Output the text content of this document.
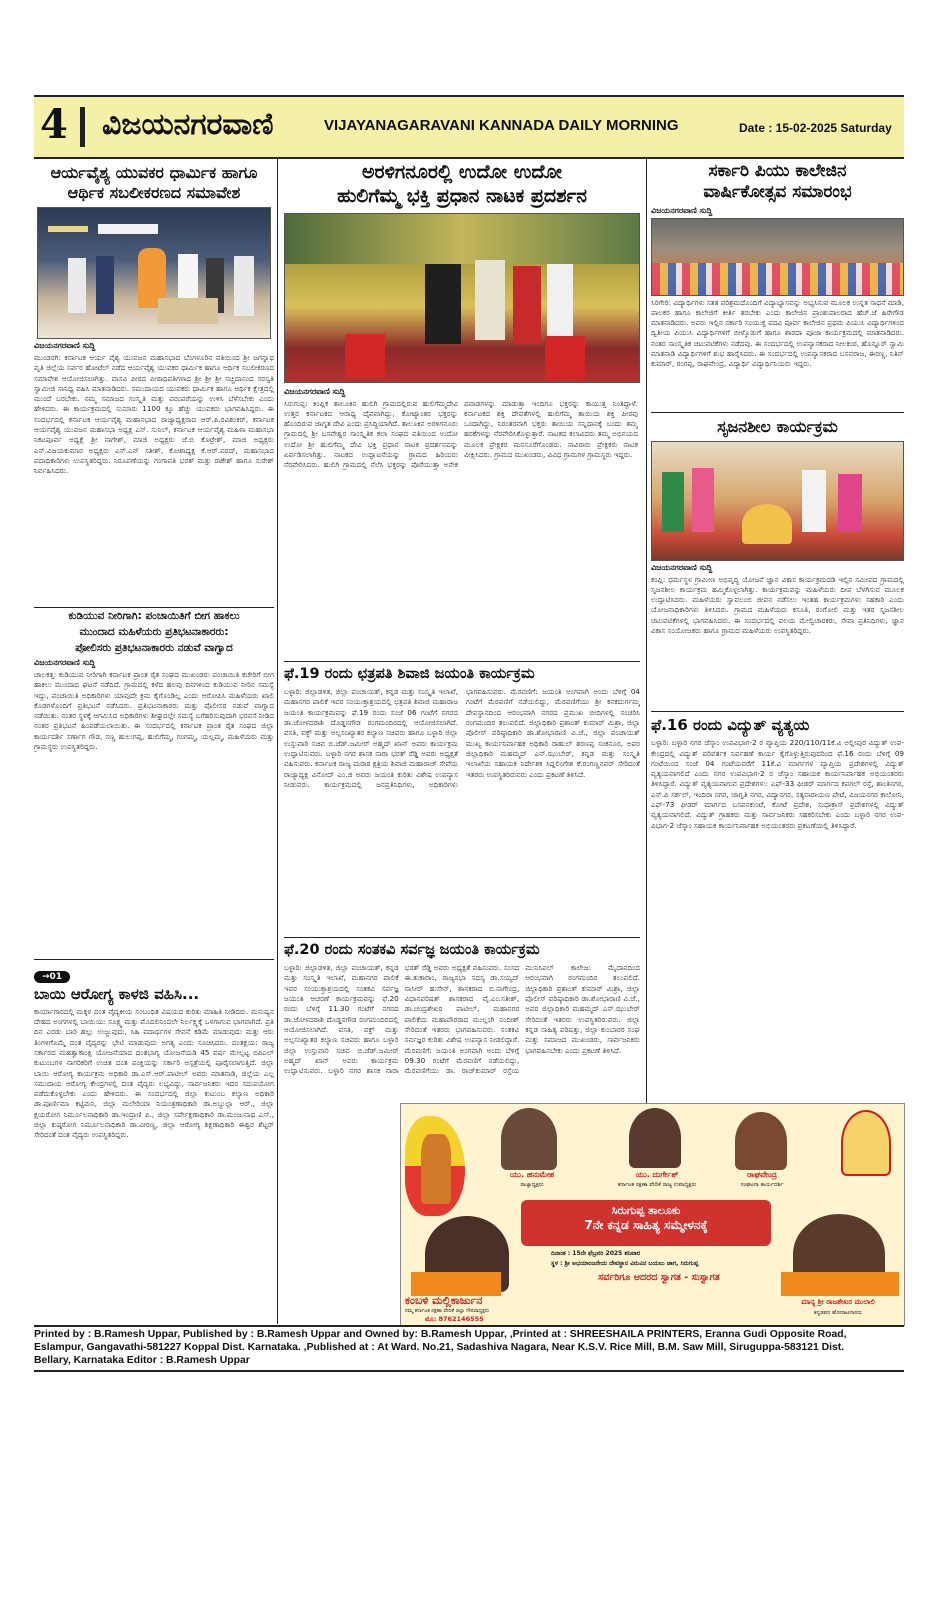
4 ವಿಜಯನಗರವಾಣಿ	VIJAYANAGARAVANI KANNADA DAILY MORNING	Date : 15-02-2025 Saturday
ಆರ್ಯವೈಶ್ಯ ಯುವಕರ ಧಾರ್ಮಿಕ ಹಾಗೂ
ಆರ್ಥಿಕ ಸಬಲೀಕರಣದ ಸಮಾವೇಶ
ವಿಜಯನಗರವಾಣಿ ಸುದ್ದಿ
ಮುಂಡರಗಿ: ಕರ್ನಾಟಕ ಆರ್ಯ ವೈಶ್ಯ ಯುವಜನ ಮಹಾಸಭಾದ ಬೆಂಗಳೂರಿನ ವತಿಯಿಂದ ಶ್ರೀ ಜಗನ್ನಾಥ ವೃತಿ ಜಿಲ್ಲೆಯ ಸರ್ವರ ಹೋಟೆಲ್ ನಡೆದ ಆರ್ಯವೈಶ್ಯ ಯುವಕರ ಧಾರ್ಮಿಕ ಹಾಗೂ ಆರ್ಥಿಕ ಸಬಲೀಕರಣದ ಸಮಾವೇಶ ಆಯೋಜಿಸಲಾಗಿತ್ತು. ವಾಸವಿ ಪೀಠದ ಪೀಠಾಧಿಪತಿಗಳಾದ ಶ್ರೀ ಶ್ರೀ ಶ್ರೀ ಸಚ್ಚಿದಾನಂದ ಸರಸ್ವತಿ ಸ್ವಾಮೀಜಿ ಸಾನಿಧ್ಯ ವಹಿಸಿ ಮಾತನಾಡಿದರು. ಸಮುದಾಯದ ಯುವಕರು ಧಾರ್ಮಿಕ ಹಾಗೂ ಆರ್ಥಿಕ ಕ್ಷೇತ್ರದಲ್ಲಿ ಮುಂದೆ ಬರಬೇಕು. ನಮ್ಮ ಸಮಾಜದ ಸಂಸ್ಕೃತಿ ಮತ್ತು ಪರಂಪರೆಯನ್ನು ಉಳಿಸಿ ಬೆಳೆಸಬೇಕು ಎಂದು ಹೇಳಿದರು. ಈ ಕಾರ್ಯಕ್ರಮದಲ್ಲಿ ಸುಮಾರು 1100 ಕ್ಕೂ ಹೆಚ್ಚು ಯುವಕರು ಭಾಗವಹಿಸಿದ್ದರು. ಈ ಸಂದರ್ಭದಲ್ಲಿ ಕರ್ನಾಟಕ ಆರ್ಯವೈಶ್ಯ ಮಹಾಸಭಾದ ರಾಜ್ಯಾಧ್ಯಕ್ಷರಾದ ಆರ್.ಪಿ.ರವಿಶಂಕರ್, ಕರ್ನಾಟಕ ಆರ್ಯವೈಶ್ಯ ಯುವಜನ ಮಹಾಸಭಾ ಅಧ್ಯಕ್ಷ ಎಸ್. ಸುನಿಲ್, ಕರ್ನಾಟಕ ಆರ್ಯವೈಶ್ಯ ಮಹಿಳಾ ಮಹಾಸಭಾ ನಿಕಟಪೂರ್ವ ಅಧ್ಯಕ್ಷೆ ಶ್ರೀ ನಾಗೇಶ್, ಮಾಜಿ ಅಧ್ಯಕ್ಷರು ಜೆ.ಬಿ ಕೊಟ್ರೇಶ್, ಮಾಜಿ ಅಧ್ಯಕ್ಷರು ಎಸ್.ವಿಜಯಕುಮಾರ ಅಧ್ಯಕ್ಷರು ಎಸ್.ಎನ್ ಸತೀಶ್, ಕೋಶಾಧ್ಯಕ್ಷ ಕೆ.ಆರ್.ವರದ್, ಮಹಾಸಭಾದ ಪದಾಧಿಕಾರಿಗಳು ಉಪಸ್ಥಿತರಿದ್ದರು. ನಿರೂಪಣೆಯನ್ನು ಗಂಗಾವತಿ ಭರತ್ ಮತ್ತು ರಾಕೇಶ್ ಹಾಗೂ ಸುರೇಶ್ ನಿರ್ವಹಿಸಿದರು.
ಕುಡಿಯುವ ನೀರಿಗಾಗಿ: ಪಂಚಾಯಿತಿಗೆ ಬೀಗ ಹಾಕಲು
ಮುಂದಾದ ಮಹಿಳೆಯರು ಪ್ರತಿಭಟನಾಕಾರರು:
ಪೋಲಿಸರು ಪ್ರತಿಭಟನಾಕಾರರು ನಡುವೆ ವಾಗ್ವಾದ
ವಿಜಯನಗರವಾಣಿ ಸುದ್ದಿ
ಚಾಲಕತ್ತ: ಕುಡಿಯುವ ನೀರಿಗಾಗಿ ಕರ್ನಾಟಕ ಪ್ರಾಂತ ರೈತ ಸಂಘದ ಮುಖಂಡರು ಪಂಚಾಯಿತಿ ಕಚೇರಿಗೆ ಬೀಗ ಹಾಕಲು ಮುಂದಾದ ಘಟನೆ ನಡೆದಿದೆ. ಗ್ರಾಮದಲ್ಲಿ ಕಳೆದ ಹಲವು ದಿನಗಳಿಂದ ಕುಡಿಯುವ ನೀರಿನ ಸಮಸ್ಯೆ ಇದ್ದು, ಪಂಚಾಯಿತಿ ಅಧಿಕಾರಿಗಳು ಯಾವುದೇ ಕ್ರಮ ಕೈಗೊಂಡಿಲ್ಲ ಎಂದು ಆರೋಪಿಸಿ ಮಹಿಳೆಯರು ಖಾಲಿ ಕೊಡಗಳೊಂದಿಗೆ ಪ್ರತಿಭಟನೆ ನಡೆಸಿದರು. ಪ್ರತಿಭಟನಾಕಾರರು ಮತ್ತು ಪೊಲೀಸರ ನಡುವೆ ವಾಗ್ವಾದ ನಡೆಯಿತು. ನಂತರ ಸ್ಥಳಕ್ಕೆ ಆಗಮಿಸಿದ ಅಧಿಕಾರಿಗಳು ಶೀಘ್ರದಲ್ಲೇ ಸಮಸ್ಯೆ ಬಗೆಹರಿಸುವುದಾಗಿ ಭರವಸೆ ನೀಡಿದ ನಂತರ ಪ್ರತಿಭಟನೆ ಹಿಂಪಡೆಯಲಾಯಿತು. ಈ ಸಂದರ್ಭದಲ್ಲಿ ಕರ್ನಾಟಕ ಪ್ರಾಂತ ರೈತ ಸಂಘದ ಜಿಲ್ಲಾ ಕಾರ್ಯದರ್ಶಿ ಸರ್ಣಾಗ ಗೌಡ, ಸಣ್ಣ ಹುಲುಗಪ್ಪ, ಹುಲಿಗೆಮ್ಮ, ಗಂಗಮ್ಮ, ಯಲ್ಲಮ್ಮ, ಮಹಿಳೆಯರು ಮತ್ತು ಗ್ರಾಮಸ್ಥರು ಉಪಸ್ಥಿತರಿದ್ದರು.
→01
ಬಾಯಿ ಆರೋಗ್ಯ ಕಾಳಜಿ ವಹಿಸಿ...
ಕಾರ್ಯಾಗಾರದಲ್ಲಿ ಮಕ್ಕಳ ದಂತ ವೈದ್ಯಕೀಯ ಸಂಬಂಧಿತ ವಿಷಯದ ಕುರಿತು ಮಾಹಿತಿ ನೀಡಿದರು. ಮನುಷ್ಯನ ದೇಹದ ಅಂಗಗಳಲ್ಲಿ ಬಾಯಿಯು ಸೂಕ್ಷ್ಮ ಮತ್ತು ಮೊದಲಿನಿಂದಲೇ ನಿರ್ಲಕ್ಷ್ಯಕ್ಕೆ ಒಳಗಾಗುವ ಭಾಗವಾಗಿದೆ. ಪ್ರತಿ ದಿನ ಎರಡು ಬಾರಿ ಹಲ್ಲು ಉಜ್ಜುವುದು, ಸಿಹಿ ಪದಾರ್ಥಗಳ ಸೇವನೆ ಕಡಿಮೆ ಮಾಡುವುದು ಮತ್ತು ಆರು ತಿಂಗಳಿಗೊಮ್ಮೆ ದಂತ ವೈದ್ಯರನ್ನು ಭೇಟಿ ಮಾಡುವುದು ಅಗತ್ಯ ಎಂದು ಸೂಚಿಸಿದರು. ದಂತಕ್ಷಯ: ರಾಜ್ಯ ಸರ್ಕಾರದ ಮಹತ್ವಾಕಾಂಕ್ಷಿ ಯೋಜನೆಯಾದ ದಂತಭಾಗ್ಯ ಯೋಜನೆಯಡಿ 45 ವರ್ಷ ಮೇಲ್ಪಟ್ಟ ಬಿಪಿಎಲ್ ಕುಟುಂಬಗಳ ನಾಗರಿಕರಿಗೆ ಉಚಿತ ದಂತ ಪಂಕ್ತಿಯನ್ನು ಸರ್ಕಾರಿ ಆಸ್ಪತ್ರೆಯಲ್ಲಿ ಪೂರೈಸಲಾಗುತ್ತಿದೆ. ಜಿಲ್ಲಾ ಬಾಯಿ ಆರೋಗ್ಯ ಕಾರ್ಯಕ್ರಮ ಅಧಿಕಾರಿ ಡಾ.ಎಸ್.ಆರ್.ಪಾಟೀಲ್ ಅವರು ಮಾತನಾಡಿ, ಜಿಲ್ಲೆಯ ಎಲ್ಲ ಸಮುದಾಯ ಆರೋಗ್ಯ ಕೇಂದ್ರಗಳಲ್ಲಿ ದಂತ ವೈದ್ಯರು ಲಭ್ಯವಿದ್ದು, ಸಾರ್ವಜನಿಕರು ಇದರ ಸದುಪಯೋಗ ಪಡೆದುಕೊಳ್ಳಬೇಕು ಎಂದು ಹೇಳಿದರು. ಈ ಸಂದರ್ಭದಲ್ಲಿ ಜಿಲ್ಲಾ ಕುಟುಂಬ ಕಲ್ಯಾಣ ಅಧಿಕಾರಿ ಡಾ.ಪೂರ್ಣಿಮಾ ಕಟ್ಟಿಮನಿ, ಜಿಲ್ಲಾ ಮಲೇರಿಯಾ ನಿಯಂತ್ರಣಾಧಿಕಾರಿ ಡಾ.ಅಬ್ದುಲ್ಲಾ ಆರ್., ಜಿಲ್ಲಾ ಕ್ಷಯರೋಗ ನಿರ್ಮೂಲನಾಧಿಕಾರಿ ಡಾ.ಇಂದ್ರಾಣಿ ಪಿ., ಜಿಲ್ಲಾ ಸರ್ವೇಕ್ಷಣಾಧಿಕಾರಿ ಡಾ.ಮಂಜುನಾಥ ಎಸ್., ಜಿಲ್ಲಾ ಕುಷ್ಠರೋಗ ನಿರ್ಮೂಲನಾಧಿಕಾರಿ ಡಾ.ವೀರಣ್ಣ, ಜಿಲ್ಲಾ ಆರೋಗ್ಯ ಶಿಕ್ಷಣಾಧಿಕಾರಿ ಈಶ್ವರ ಶೆಟ್ಟರ್ ಸೇರಿದಂತೆ ದಂತ ವೈದ್ಯರು ಉಪಸ್ಥಿತರಿದ್ದರು.
ಅರಳಿಗನೂರಲ್ಲಿ ಉದೋ ಉದೋ
ಹುಲಿಗೆಮ್ಮ ಭಕ್ತಿ ಪ್ರಧಾನ ನಾಟಕ ಪ್ರದರ್ಶನ
ವಿಜಯನಗರವಾಣಿ ಸುದ್ದಿ
ಸಿರುಗುಪ್ಪ: ಕಿಂಪ್ಲಿಕ ತಾಲೂಕಿನ ಹುಲಿಗಿ ಗ್ರಾಮದಲ್ಲಿರುವ ಹುಲಿಗೆಮ್ಮದೇವಿ ಉತ್ತರ ಕರ್ನಾಟಕದ ಆರಾಧ್ಯ ದೈವವಾಗಿದ್ದು, ಕೋಟ್ಯಾಂತರ ಭಕ್ತರನ್ನು ಹೊಂದಿರುವ ಜಾಗೃತ ದೇವಿ ಎಂದು ಪ್ರಸಿದ್ಧಿಯಾಗಿದೆ. ತಾಲೂಕಿನ ಅರಳಿಗನೂರು ಗ್ರಾಮದಲ್ಲಿ ಶ್ರೀ ಬಸವೇಶ್ವರ ಸಾಂಸ್ಕೃತಿಕ ಕಲಾ ಸಂಘದ ವತಿಯಿಂದ ಉದೋ ಉದೋ ಶ್ರೀ ಹುಲಿಗೆಮ್ಮ ದೇವಿ ಭಕ್ತಿ ಪ್ರಧಾನ ನಾಟಕ ಪ್ರದರ್ಶನವನ್ನು ಏರ್ಪಡಿಸಲಾಗಿತ್ತು. ನಾಟಕದ ಉದ್ಘಾಟನೆಯನ್ನು ಗ್ರಾಮದ ಹಿರಿಯರು ನೆರವೇರಿಸಿದರು. ಹುಲಿಗಿ ಗ್ರಾಮದಲ್ಲಿ ನೆಲೆಸಿ ಭಕ್ತರನ್ನು ಪೊರೆಯುತ್ತಾ ಅನೇಕ ಪವಾಡಗಳನ್ನು ಮಾಡುತ್ತಾ ಇಂದಿಗೂ ಭಕ್ತರನ್ನು ಕಾಯುತ್ತ ನಿಂತಿದ್ದಾಳೆ. ಕರ್ನಾಟಕದ ಶಕ್ತಿ ದೇವತೆಗಳಲ್ಲಿ ಹುಲಿಗೆಮ್ಮ ತಾಯಿಯ ಶಕ್ತಿ ಪೀಠವು ಒಂದಾಗಿದ್ದು, ನಿರಂತರವಾಗಿ ಭಕ್ತರು ತಾಯಿಯ ಸನ್ನಿಧಾನಕ್ಕೆ ಬಂದು ತಮ್ಮ ಹರಕೆಗಳನ್ನು ನೆರವೇರಿಸಿಕೊಳ್ಳುತ್ತಾರೆ. ನಾಟಕದ ಕಲಾವಿದರು ತಮ್ಮ ಅಭಿನಯದ ಮೂಲಕ ಪ್ರೇಕ್ಷಕರ ಮನಸೂರೆಗೊಂಡರು. ಸಾವಿರಾರು ಪ್ರೇಕ್ಷಕರು ನಾಟಕ ವೀಕ್ಷಿಸಿದರು. ಗ್ರಾಮದ ಮುಖಂಡರು, ವಿವಿಧ ಗ್ರಾಮಗಳ ಗ್ರಾಮಸ್ಥರು ಇದ್ದರು.
ಫೆ.19 ರಂದು ಛತ್ರಪತಿ ಶಿವಾಜಿ ಜಯಂತಿ ಕಾರ್ಯಕ್ರಮ
ಬಳ್ಳಾರಿ: ಜಿಲ್ಲಾಡಳಿತ, ಜಿಲ್ಲಾ ಪಂಚಾಯತ್, ಕನ್ನಡ ಮತ್ತು ಸಂಸ್ಕೃತಿ ಇಲಾಖೆ, ಮಹಾನಗರ ಪಾಲಿಕೆ ಇವರ ಸಂಯುಕ್ತಾಶ್ರಯದಲ್ಲಿ ಛತ್ರಪತಿ ಶಿವಾಜಿ ಮಹಾರಾಜ ಜಯಂತಿ ಕಾರ್ಯಕ್ರಮವನ್ನು ಫೆ.19 ರಂದು ಸಂಜೆ 06 ಗಂಟೆಗೆ ನಗರದ ಡಾ.ಜೋಳದರಾಶಿ ದೊಡ್ಡನಗೌಡ ರಂಗಮಂದಿರದಲ್ಲಿ ಆಯೋಜಿಸಲಾಗಿದೆ. ವಸತಿ, ವಕ್ಫ್ ಮತ್ತು ಅಲ್ಪಸಂಖ್ಯಾತರ ಕಲ್ಯಾಣ ಸಚಿವರು ಹಾಗೂ ಬಳ್ಳಾರಿ ಜಿಲ್ಲಾ ಉಸ್ತುವಾರಿ ಸಚಿವ ಬಿ.ಜೆಡ್.ಜಮೀರ್ ಅಹ್ಮದ್ ಖಾನ್ ಅವರು ಕಾರ್ಯಕ್ರಮ ಉದ್ಘಾಟಿಸುವರು. ಬಳ್ಳಾರಿ ನಗರ ಶಾಸಕ ನಾರಾ ಭರತ್ ರೆಡ್ಡಿ ಅವರು ಅಧ್ಯಕ್ಷತೆ ವಹಿಸುವರು. ಕರ್ನಾಟಕ ರಾಜ್ಯ ಮರಾಠ ಕ್ಷತ್ರಿಯ ಶಿವಾಜಿ ಮಹಾರಾಜ್ ಸೇವೆಯ ರಾಜ್ಯಾಧ್ಯಕ್ಷ ವಿನೋದ್ ಎಂ.ಜಿ ಅವರು ಜಯಂತಿ ಕುರಿತು ವಿಶೇಷ ಉಪನ್ಯಾಸ ನೀಡುವರು. ಕಾರ್ಯಕ್ರಮದಲ್ಲಿ ಜನಪ್ರತಿನಿಧಿಗಳು, ಅಧಿಕಾರಿಗಳು ಭಾಗವಹಿಸುವರು. ಮೆರವಣಿಗೆ: ಜಯಂತಿ ಅಂಗವಾಗಿ ಅಂದು ಬೆಳಿಗ್ಗೆ 04 ಗಂಟೆಗೆ ಮೆರವಣಿಗೆ ನಡೆಯಲಿದ್ದು, ಮೆರವಣಿಗೆಯು ಶ್ರೀ ಕನಕದುರ್ಗಮ್ಮ ದೇವಸ್ಥಾನದಿಂದ ಆರಂಭವಾಗಿ ನಗರದ ಪ್ರಮುಖ ಬೀದಿಗಳಲ್ಲಿ ಸಂಚರಿಸಿ ರಂಗಮಂದಿರ ತಲುಪಲಿದೆ. ಜಿಲ್ಲಾಧಿಕಾರಿ ಪ್ರಶಾಂತ್ ಕುಮಾರ್ ಮಿಶ್ರಾ, ಜಿಲ್ಲಾ ಪೊಲೀಸ್ ವರಿಷ್ಠಾಧಿಕಾರಿ ಡಾ.ಶೋಭಾರಾಣಿ ವಿ.ಜೆ., ಜಿಲ್ಲಾ ಪಂಚಾಯತ್ ಮುಖ್ಯ ಕಾರ್ಯನಿರ್ವಾಹಕ ಅಧಿಕಾರಿ ರಾಹುಲ್ ಶರಣಪ್ಪ ಸಂಕನೂರ, ಅಪರ ಜಿಲ್ಲಾಧಿಕಾರಿ ಮಹಮ್ಮದ್ ಎನ್.ಝುಬೇರ್, ಕನ್ನಡ ಮತ್ತು ಸಂಸ್ಕೃತಿ ಇಲಾಖೆಯ ಸಹಾಯಕ ನಿರ್ದೇಶಕ ಸಿದ್ದಲಿಂಗೇಶ ಕೆ.ರಂಗಣ್ಣನವರ್ ಸೇರಿದಂತೆ ಇತರರು ಉಪಸ್ಥಿತರಿರುವರು ಎಂದು ಪ್ರಕಟಣೆ ತಿಳಿಸಿದೆ.
ಫೆ.20 ರಂದು ಸಂತಕವಿ ಸರ್ವಜ್ಞ ಜಯಂತಿ ಕಾರ್ಯಕ್ರಮ
ಬಳ್ಳಾರಿ: ಜಿಲ್ಲಾಡಳಿತ, ಜಿಲ್ಲಾ ಪಂಚಾಯತ್, ಕನ್ನಡ ಮತ್ತು ಸಂಸ್ಕೃತಿ ಇಲಾಖೆ, ಮಹಾನಗರ ಪಾಲಿಕೆ ಇವರ ಸಂಯುಕ್ತಾಶ್ರಯದಲ್ಲಿ ಸಂತಕವಿ ಸರ್ವಜ್ಞ ಜಯಂತಿ ಆಚರಣೆ ಕಾರ್ಯಕ್ರಮವನ್ನು ಫೆ.20 ರಂದು ಬೆಳಿಗ್ಗೆ 11.30 ಗಂಟೆಗೆ ನಗರದ ಡಾ.ಜೋಳದರಾಶಿ ದೊಡ್ಡನಗೌಡ ರಂಗಮಂದಿರದಲ್ಲಿ ಆಯೋಜಿಸಲಾಗಿದೆ. ವಸತಿ, ವಕ್ಫ್ ಮತ್ತು ಅಲ್ಪಸಂಖ್ಯಾತರ ಕಲ್ಯಾಣ ಸಚಿವರು ಹಾಗೂ ಬಳ್ಳಾರಿ ಜಿಲ್ಲಾ ಉಸ್ತುವಾರಿ ಸಚಿವ ಬಿ.ಜೆಡ್.ಜಮೀರ್ ಅಹ್ಮದ್ ಖಾನ್ ಅವರು ಕಾರ್ಯಕ್ರಮ ಉದ್ಘಾಟಿಸುವರು. ಬಳ್ಳಾರಿ ನಗರ ಶಾಸಕ ನಾರಾ ಭರತ್ ರೆಡ್ಡಿ ಅವರು ಅಧ್ಯಕ್ಷತೆ ವಹಿಸುವರು. ಸಂಸದ ಈ.ತುಕಾರಾಂ, ರಾಜ್ಯಸಭಾ ಸದಸ್ಯ ಡಾ.ಸಯ್ಯದ್ ನಾಸೀರ್ ಹುಸೇನ್, ಶಾಸಕರಾದ ಬಿ.ನಾಗೇಂದ್ರ, ವಿಧಾನಪರಿಷತ್ ಶಾಸಕರಾದ ವೈ.ಎಂ.ಸತೀಶ್, ಡಾ.ಚಂದ್ರಶೇಖರ ಪಾಟೀಲ್, ಮಹಾನಗರ ಪಾಲಿಕೆಯ ಮಹಾಪೌರರಾದ ಮುಲ್ಲಂಗಿ ನಂದೀಶ್ ಸೇರಿದಂತೆ ಇತರರು ಭಾಗವಹಿಸುವರು. ಸಂತಕವಿ ಸರ್ವಜ್ಞರ ಕುರಿತು ವಿಶೇಷ ಉಪನ್ಯಾಸ ನೀಡಲಿದ್ದಾರೆ. ಮೆರವಣಿಗೆ: ಜಯಂತಿ ಅಂಗವಾಗಿ ಅಂದು ಬೆಳಿಗ್ಗೆ 09.30 ಗಂಟೆಗೆ ಮೆರವಣಿಗೆ ನಡೆಯಲಿದ್ದು, ಮೆರವಣಿಗೆಯು ಡಾ. ರಾಜ್‌ಕುಮಾರ್ ರಸ್ತೆಯ ಮುನಿಸಿಪಲ್ ಕಾಲೇಜು ಮೈದಾನದಿಂದ ಆರಂಭವಾಗಿ ರಂಗಮಂದಿರ ತಲುಪಲಿದೆ. ಜಿಲ್ಲಾಧಿಕಾರಿ ಪ್ರಶಾಂತ್ ಕುಮಾರ್ ಮಿಶ್ರಾ, ಜಿಲ್ಲಾ ಪೊಲೀಸ್ ವರಿಷ್ಠಾಧಿಕಾರಿ ಡಾ.ಶೋಭಾರಾಣಿ ವಿ.ಜೆ., ಅಪರ ಜಿಲ್ಲಾಧಿಕಾರಿ ಮಹಮ್ಮದ್ ಎನ್.ಝುಬೇರ್ ಸೇರಿದಂತೆ ಇತರರು ಉಪಸ್ಥಿತರಿರುವರು. ಜಿಲ್ಲಾ ಕನ್ನಡ ಸಾಹಿತ್ಯ ಪರಿಷತ್ತು, ಜಿಲ್ಲಾ ಕುಂಬಾರರ ಸಂಘ ಮತ್ತು ಸಮಾಜದ ಮುಖಂಡರು, ಸಾರ್ವಜನಿಕರು ಭಾಗವಹಿಸಬೇಕು ಎಂದು ಪ್ರಕಟಣೆ ತಿಳಿಸಿದೆ.
ಸರ್ಕಾರಿ ಪಿಯು ಕಾಲೇಜಿನ
ವಾರ್ಷಿಕೋತ್ಸವ ಸಮಾರಂಭ
ವಿಜಯನಗರವಾಣಿ ಸುದ್ದಿ
ಸಿರಿಗೇರಿ: ವಿದ್ಯಾರ್ಥಿಗಳು ಸತತ ಪರಿಶ್ರಮದೊಂದಿಗೆ ವಿದ್ಯಾಭ್ಯಾಸವನ್ನು ಅಭ್ಯಸಿಸುವ ಮೂಲಕ ಉನ್ನತ ಸಾಧನೆ ಮಾಡಿ, ಪಾಲಕರ ಹಾಗೂ ಕಾಲೇಜಿಗೆ ಕೀರ್ತಿ ತರಬೇಕು ಎಂದು ಕಾಲೇಜಿನ ಪ್ರಾಂಶುಪಾಲರಾದ ಹೆಚ್.ಜೆ ಹಿರೇಗೌಡ ಮಾತನಾಡಿದರು. ಅವರು ಇಲ್ಲಿನ ಸರ್ಕಾರಿ ಸಂಯುಕ್ತ ಪದವಿ ಪೂರ್ವ ಕಾಲೇಜಿನ ಪ್ರಥಮ ಪಿಯುಸಿ ವಿದ್ಯಾರ್ಥಿಗಳಿಂದ ದ್ವಿತೀಯ ಪಿಯುಸಿ ವಿದ್ಯಾರ್ಥಿಗಳಿಗೆ ಬೀಳ್ಕೊಡುಗೆ ಹಾಗೂ ಶಾರದಾ ಪೂಜಾ ಕಾರ್ಯಕ್ರಮದಲ್ಲಿ ಮಾತನಾಡಿದರು. ನಂತರ ಸಾಂಸ್ಕೃತಿಕ ಚಟುವಟಿಕೆಗಳು ನಡೆದವು. ಈ ಸಂದರ್ಭದಲ್ಲಿ ಉಪನ್ಯಾಸಕರಾದ ನೀಲಕಂಠ, ಹೊನ್ನೂರ್ ಸ್ವಾಮಿ ಮಾತನಾಡಿ ವಿದ್ಯಾರ್ಥಿಗಳಿಗೆ ಶುಭ ಹಾರೈಸಿದರು. ಈ ಸಂದರ್ಭದಲ್ಲಿ ಉಪನ್ಯಾಸಕರಾದ ಬಸವರಾಜ, ಈರಣ್ಣ, ನಿತಿನ್ ಕುಮಾರ್, ರಂಗಪ್ಪ, ರಾಘವೇಂದ್ರ, ವಿದ್ಯಾರ್ಥಿ ವಿದ್ಯಾರ್ಥಿನಿಯರು ಇದ್ದರು.
ಸೃಜನಶೀಲ ಕಾರ್ಯಕ್ರಮ
ವಿಜಯನಗರವಾಣಿ ಸುದ್ದಿ
ಕಂಪ್ಲಿ: ಧರ್ಮಸ್ಥಳ ಗ್ರಾಮೀಣ ಅಭಿವೃದ್ಧಿ ಯೋಜನೆ ಜ್ಞಾನ ವಿಕಾಸ ಕಾರ್ಯಕ್ರಮದಡಿ ಇಲ್ಲಿನ ಸಮೀಪದ ಗ್ರಾಮದಲ್ಲಿ ಸೃಜನಶೀಲ ಕಾರ್ಯಕ್ರಮ ಹಮ್ಮಿಕೊಳ್ಳಲಾಗಿತ್ತು. ಕಾರ್ಯಕ್ರಮವನ್ನು ಮಹಿಳೆಯರು ದೀಪ ಬೆಳಗಿಸುವ ಮೂಲಕ ಉದ್ಘಾಟಿಸಿದರು. ಮಹಿಳೆಯರು ಸ್ವಾವಲಂಬಿ ಜೀವನ ನಡೆಸಲು ಇಂತಹ ಕಾರ್ಯಕ್ರಮಗಳು ಸಹಕಾರಿ ಎಂದು ಯೋಜನಾಧಿಕಾರಿಗಳು ತಿಳಿಸಿದರು. ಗ್ರಾಮದ ಮಹಿಳೆಯರು ಕಸೂತಿ, ರಂಗೋಲಿ ಮತ್ತು ಇತರ ಸೃಜನಶೀಲ ಚಟುವಟಿಕೆಗಳಲ್ಲಿ ಭಾಗವಹಿಸಿದರು. ಈ ಸಂದರ್ಭದಲ್ಲಿ ವಲಯ ಮೇಲ್ವಿಚಾರಕರು, ಸೇವಾ ಪ್ರತಿನಿಧಿಗಳು, ಜ್ಞಾನ ವಿಕಾಸ ಸಂಯೋಜಕರು ಹಾಗೂ ಗ್ರಾಮದ ಮಹಿಳೆಯರು ಉಪಸ್ಥಿತರಿದ್ದರು.
ಫೆ.16 ರಂದು ವಿದ್ಯುತ್ ವ್ಯತ್ಯಯ
ಬಳ್ಳಾರಿ: ಬಳ್ಳಾರಿ ನಗರ ಜೆಸ್ಕಾಂ ಉಪವಿಭಾಗ-2 ರ ವ್ಯಾಪ್ತಿಯ 220/110/11ಕೆ.ವಿ ಅಲ್ಲೀಪುರ ವಿದ್ಯುತ್ ಉಪ-ಕೇಂದ್ರದಲ್ಲಿ ವಿದ್ಯುತ್ ಪರಿವರ್ತಕ ನಿರ್ವಹಣೆ ಕಾರ್ಯ ಕೈಗೊಳ್ಳುತ್ತಿರುವುದರಿಂದ ಫೆ.16 ರಂದು ಬೆಳಿಗ್ಗೆ 09 ಗಂಟೆಯಿಂದ ಸಂಜೆ 04 ಗಂಟೆಯವರೆಗೆ 11ಕೆ.ವಿ ಮಾರ್ಗಗಳ ವ್ಯಾಪ್ತಿಯ ಪ್ರದೇಶಗಳಲ್ಲಿ ವಿದ್ಯುತ್ ವ್ಯತ್ಯಯವಾಗಲಿದೆ ಎಂದು ನಗರ ಉಪವಿಭಾಗ-2 ರ ಜೆಸ್ಕಾಂ ಸಹಾಯಕ ಕಾರ್ಯನಿರ್ವಾಹಕ ಅಭಿಯಂತರರು ತಿಳಿಸಿದ್ದಾರೆ. ವಿದ್ಯುತ್ ವ್ಯತ್ಯಯವಾಗುವ ಪ್ರದೇಶಗಳು: ಎಫ್-33 ಫೀಡರ್ ಮಾರ್ಗದ ಕಪಗಲ್ ರಸ್ತೆ, ಶಾಂತಿನಗರ, ಎಸ್.ಪಿ ಸರ್ಕಲ್, ಇಂದಿರಾ ನಗರ, ಜಾಗೃತಿ ನಗರ, ವಿದ್ಯಾನಗರ, ಸತ್ಯನಾರಾಯಣ ಪೇಟೆ, ವಿಜಯನಗರ ಕಾಲೋನಿ, ಎಫ್-73 ಫೀಡರ್ ಮಾರ್ಗದ ಬಸವನಕುಂಟೆ, ಕೋಟೆ ಪ್ರದೇಶ, ಸುಧಾಕ್ರಾಸ್ ಪ್ರದೇಶಗಳಲ್ಲಿ ವಿದ್ಯುತ್ ವ್ಯತ್ಯಯವಾಗಲಿದೆ. ವಿದ್ಯುತ್ ಗ್ರಾಹಕರು ಮತ್ತು ಸಾರ್ವಜನಿಕರು ಸಹಕರಿಸಬೇಕು ಎಂದು ಬಳ್ಳಾರಿ ನಗರ ಉಪ-ವಿಭಾಗ-2 ಜೆಸ್ಕಾಂ ಸಹಾಯಕ ಕಾರ್ಯನಿರ್ವಾಹಕ ಅಭಿಯಂತರರು ಪ್ರಕಟಣೆಯಲ್ಲಿ ತಿಳಿಸಿದ್ದಾರೆ.
ಯು. ಹನುಮೇಶ
ರಾಜ್ಯಾಧ್ಯಕ್ಷರು
ಯು. ದುರ್ಗೇಶ್
ಕರ್ನಾಟಕ ರಕ್ಷಣಾ ವೇದಿಕೆ ರಾಜ್ಯ ಉಪಾಧ್ಯಕ್ಷರು
ರಾಘವೇಂದ್ರ
ಸಂಘಟನಾ ಕಾರ್ಯದರ್ಶಿ
ಸಿರುಗುಪ್ಪ ತಾಲೂಕು
7ನೇ ಕನ್ನಡ ಸಾಹಿತ್ಯ ಸಮ್ಮೇಳನಕ್ಕೆ
ದಿನಾಂಕ : 15ನೇ ಫೆಬ್ರವರಿ 2025 ಶನಿವಾರ
ಸ್ಥಳ : ಶ್ರೀ ಅಭಯಾಂಜನೇಯ ದೇವಸ್ಥಾನ ವಿರುವಿನ ಬಯಲು ಜಾಗ, ಸಿರುಗುಪ್ಪ
ಸರ್ವರಿಗೂ ಆದರದ ಸ್ವಾಗತ - ಸುಸ್ವಾಗತ
ಕಂಬಳಿ ಮಲ್ಲಿಕಾರ್ಜುನ
ನಮ್ಮ ಕರ್ನಾಟಕ ರಕ್ಷಣಾ ವೇದಿಕೆ ಜಿಲ್ಲಾ ಗೌರವಾಧ್ಯಕ್ಷರು
ಮೊ: 8762146555
ಮಾನ್ಯ ಶ್ರೀ ರಾಜಶೇಖರ ಮುಲಾಲಿ
ಕನ್ನಡಪರ ಹೋರಾಟಗಾರರು
Printed by : B.Ramesh Uppar, Published by : B.Ramesh Uppar and Owned by: B.Ramesh Uppar, ,Printed at : SHREESHAILA PRINTERS, Eranna Gudi Opposite Road,
Eslampur, Gangavathi-581227 Koppal Dist. Karnataka. ,Published at : At Ward. No.21, Sadashiva Nagara, Near K.S.V. Rice Mill, B.M. Saw Mill, Siruguppa-583121 Dist.
Bellary, Karnataka Editor : B.Ramesh Uppar
